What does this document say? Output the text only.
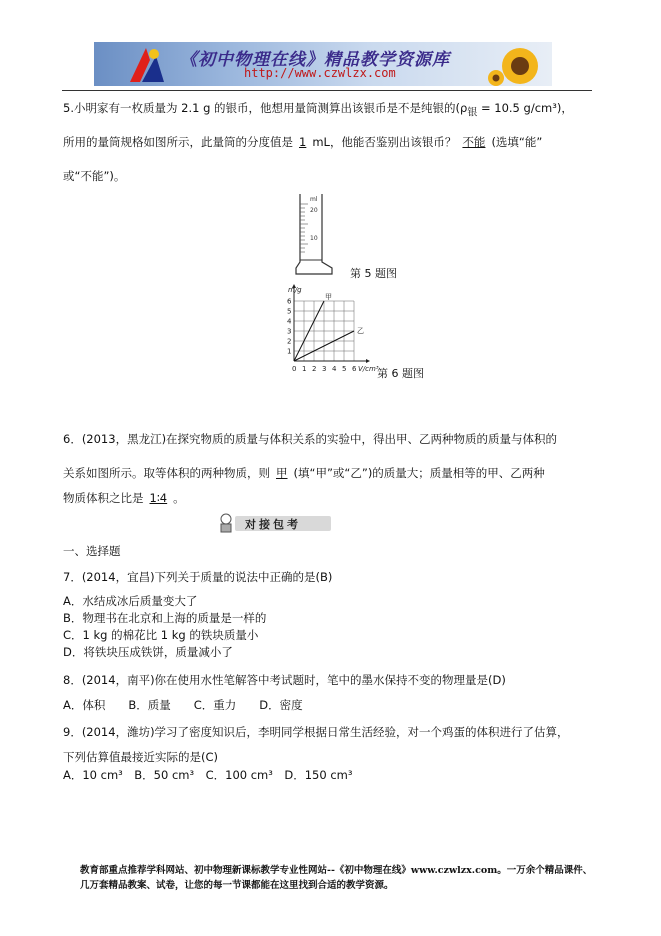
《初中物理在线》精品教学资源库
http://www.czwlzx.com
5.小明家有一枚质量为 2.1 g 的银币，他想用量筒测算出该银币是不是纯银的($\rho_银 = 10.5$ g/cm³)，
所用的量筒规格如图所示，此量筒的分度值是 1 mL，他能否鉴别出该银币？ 不能 (选填“能”
或“不能”)。
ml
20
10
第 5 题图
1
2
3
4
5
6
0 1 2 3 4 5 6
m/g
V/cm³
甲
乙
第 6 题图
6．(2013，黑龙江)在探究物质的质量与体积关系的实验中，得出甲、乙两种物质的质量与体积的
关系如图所示。取等体积的两种物质，则 甲 (填“甲”或“乙”)的质量大；质量相等的甲、乙两种
物质体积之比是 1∶4 。
对接包考
一、选择题
7．(2014，宜昌)下列关于质量的说法中正确的是(B)
A．水结成冰后质量变大了
B．物理书在北京和上海的质量是一样的
C．1 kg 的棉花比 1 kg 的铁块质量小
D．将铁块压成铁饼，质量减小了
8．(2014，南平)你在使用水性笔解答中考试题时，笔中的墨水保持不变的物理量是(D)
A．体积　　B．质量　　C．重力　　D．密度
9．(2014，潍坊)学习了密度知识后，李明同学根据日常生活经验，对一个鸡蛋的体积进行了估算，
下列估算值最接近实际的是(C)
A．10 cm³　B．50 cm³　C．100 cm³　D．150 cm³
教育部重点推荐学科网站、初中物理新课标教学专业性网站--《初中物理在线》www.czwlzx.com。一万余个精品课件、
几万套精品教案、试卷，让您的每一节课都能在这里找到合适的教学资源。
